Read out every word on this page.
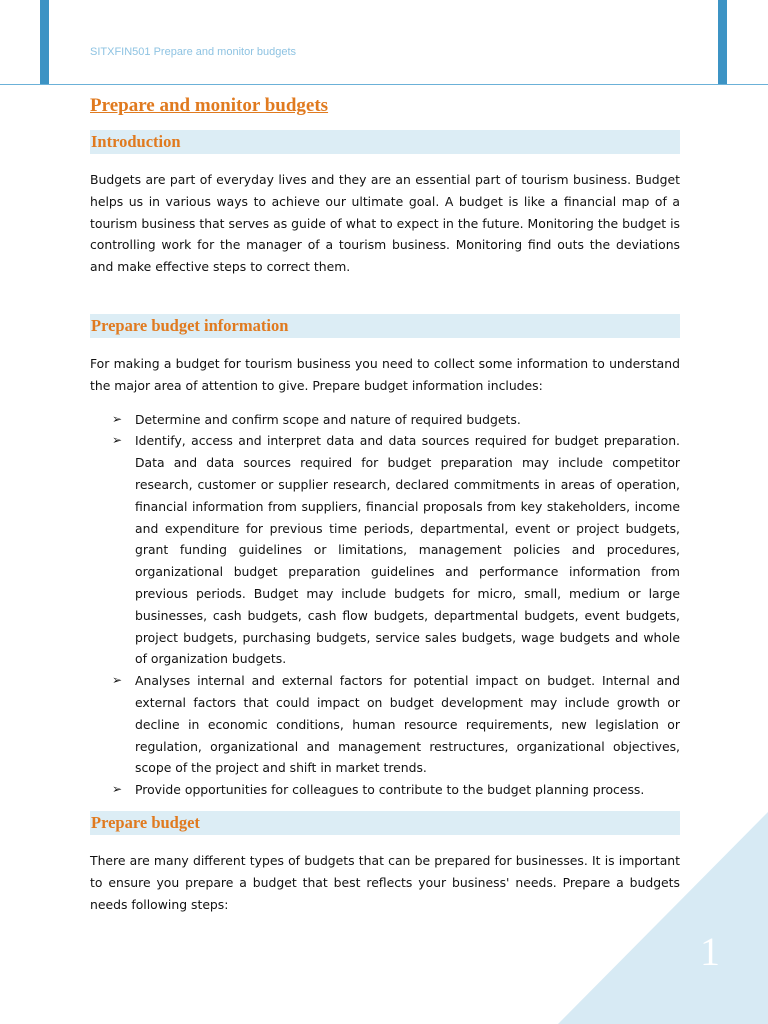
SITXFIN501 Prepare and monitor budgets
1
Prepare and monitor budgets
Introduction

Budgets are part of everyday lives and they are an essential part of tourism business. Budget helps us in various ways to achieve our ultimate goal. A budget is like a financial map of a tourism business that serves as guide of what to expect in the future. Monitoring the budget is controlling work for the manager of a tourism business. Monitoring find outs the deviations and make effective steps to correct them.

Prepare budget information

For making a budget for tourism business you need to collect some information to understand the major area of attention to give. Prepare budget information includes:

➢ Determine and confirm scope and nature of required budgets.
➢ Identify, access and interpret data and data sources required for budget preparation. Data and data sources required for budget preparation may include competitor research, customer or supplier research, declared commitments in areas of operation, financial information from suppliers, financial proposals from key stakeholders, income and expenditure for previous time periods, departmental, event or project budgets, grant funding guidelines or limitations, management policies and procedures, organizational budget preparation guidelines and performance information from previous periods. Budget may include budgets for micro, small, medium or large businesses, cash budgets, cash flow budgets, departmental budgets, event budgets, project budgets, purchasing budgets, service sales budgets, wage budgets and whole of organization budgets.
➢ Analyses internal and external factors for potential impact on budget. Internal and external factors that could impact on budget development may include growth or decline in economic conditions, human resource requirements, new legislation or regulation, organizational and management restructures, organizational objectives, scope of the project and shift in market trends.
➢ Provide opportunities for colleagues to contribute to the budget planning process.
Prepare budget

There are many different types of budgets that can be prepared for businesses. It is important to ensure you prepare a budget that best reflects your business' needs. Prepare a budgets needs following steps:
